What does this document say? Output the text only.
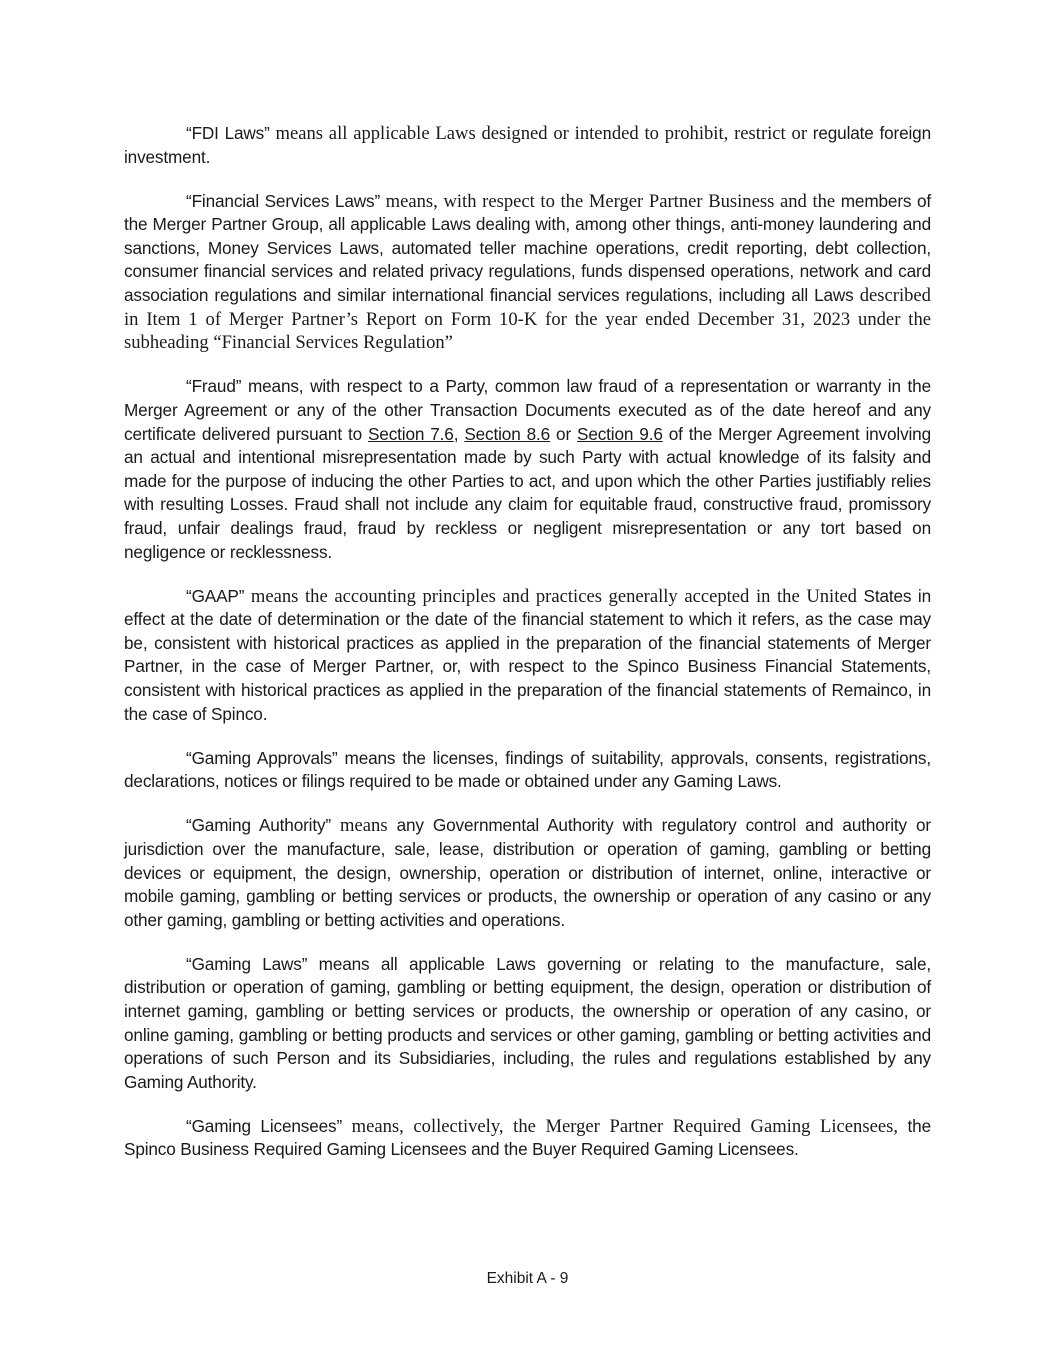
“FDI Laws” means all applicable Laws designed or intended to prohibit, restrict or regulate foreign investment.

“Financial Services Laws” means, with respect to the Merger Partner Business and the members of the Merger Partner Group, all applicable Laws dealing with, among other things, anti-money laundering and sanctions, Money Services Laws, automated teller machine operations, credit reporting, debt collection, consumer financial services and related privacy regulations, funds dispensed operations, network and card association regulations and similar international financial services regulations, including all Laws described in Item 1 of Merger Partner’s Report on Form 10-K for the year ended December 31, 2023 under the subheading “Financial Services Regulation”

“Fraud” means, with respect to a Party, common law fraud of a representation or warranty in the Merger Agreement or any of the other Transaction Documents executed as of the date hereof and any certificate delivered pursuant to Section 7.6, Section 8.6 or Section 9.6 of the Merger Agreement involving an actual and intentional misrepresentation made by such Party with actual knowledge of its falsity and made for the purpose of inducing the other Parties to act, and upon which the other Parties justifiably relies with resulting Losses. Fraud shall not include any claim for equitable fraud, constructive fraud, promissory fraud, unfair dealings fraud, fraud by reckless or negligent misrepresentation or any tort based on negligence or recklessness.

“GAAP” means the accounting principles and practices generally accepted in the United States in effect at the date of determination or the date of the financial statement to which it refers, as the case may be, consistent with historical practices as applied in the preparation of the financial statements of Merger Partner, in the case of Merger Partner, or, with respect to the Spinco Business Financial Statements, consistent with historical practices as applied in the preparation of the financial statements of Remainco, in the case of Spinco.

“Gaming Approvals” means the licenses, findings of suitability, approvals, consents, registrations, declarations, notices or filings required to be made or obtained under any Gaming Laws.

“Gaming Authority” means any Governmental Authority with regulatory control and authority or jurisdiction over the manufacture, sale, lease, distribution or operation of gaming, gambling or betting devices or equipment, the design, ownership, operation or distribution of internet, online, interactive or mobile gaming, gambling or betting services or products, the ownership or operation of any casino or any other gaming, gambling or betting activities and operations.

“Gaming Laws” means all applicable Laws governing or relating to the manufacture, sale, distribution or operation of gaming, gambling or betting equipment, the design, operation or distribution of internet gaming, gambling or betting services or products, the ownership or operation of any casino, or online gaming, gambling or betting products and services or other gaming, gambling or betting activities and operations of such Person and its Subsidiaries, including, the rules and regulations established by any Gaming Authority.

“Gaming Licensees” means, collectively, the Merger Partner Required Gaming Licensees, the Spinco Business Required Gaming Licensees and the Buyer Required Gaming Licensees.

Exhibit A - 9
